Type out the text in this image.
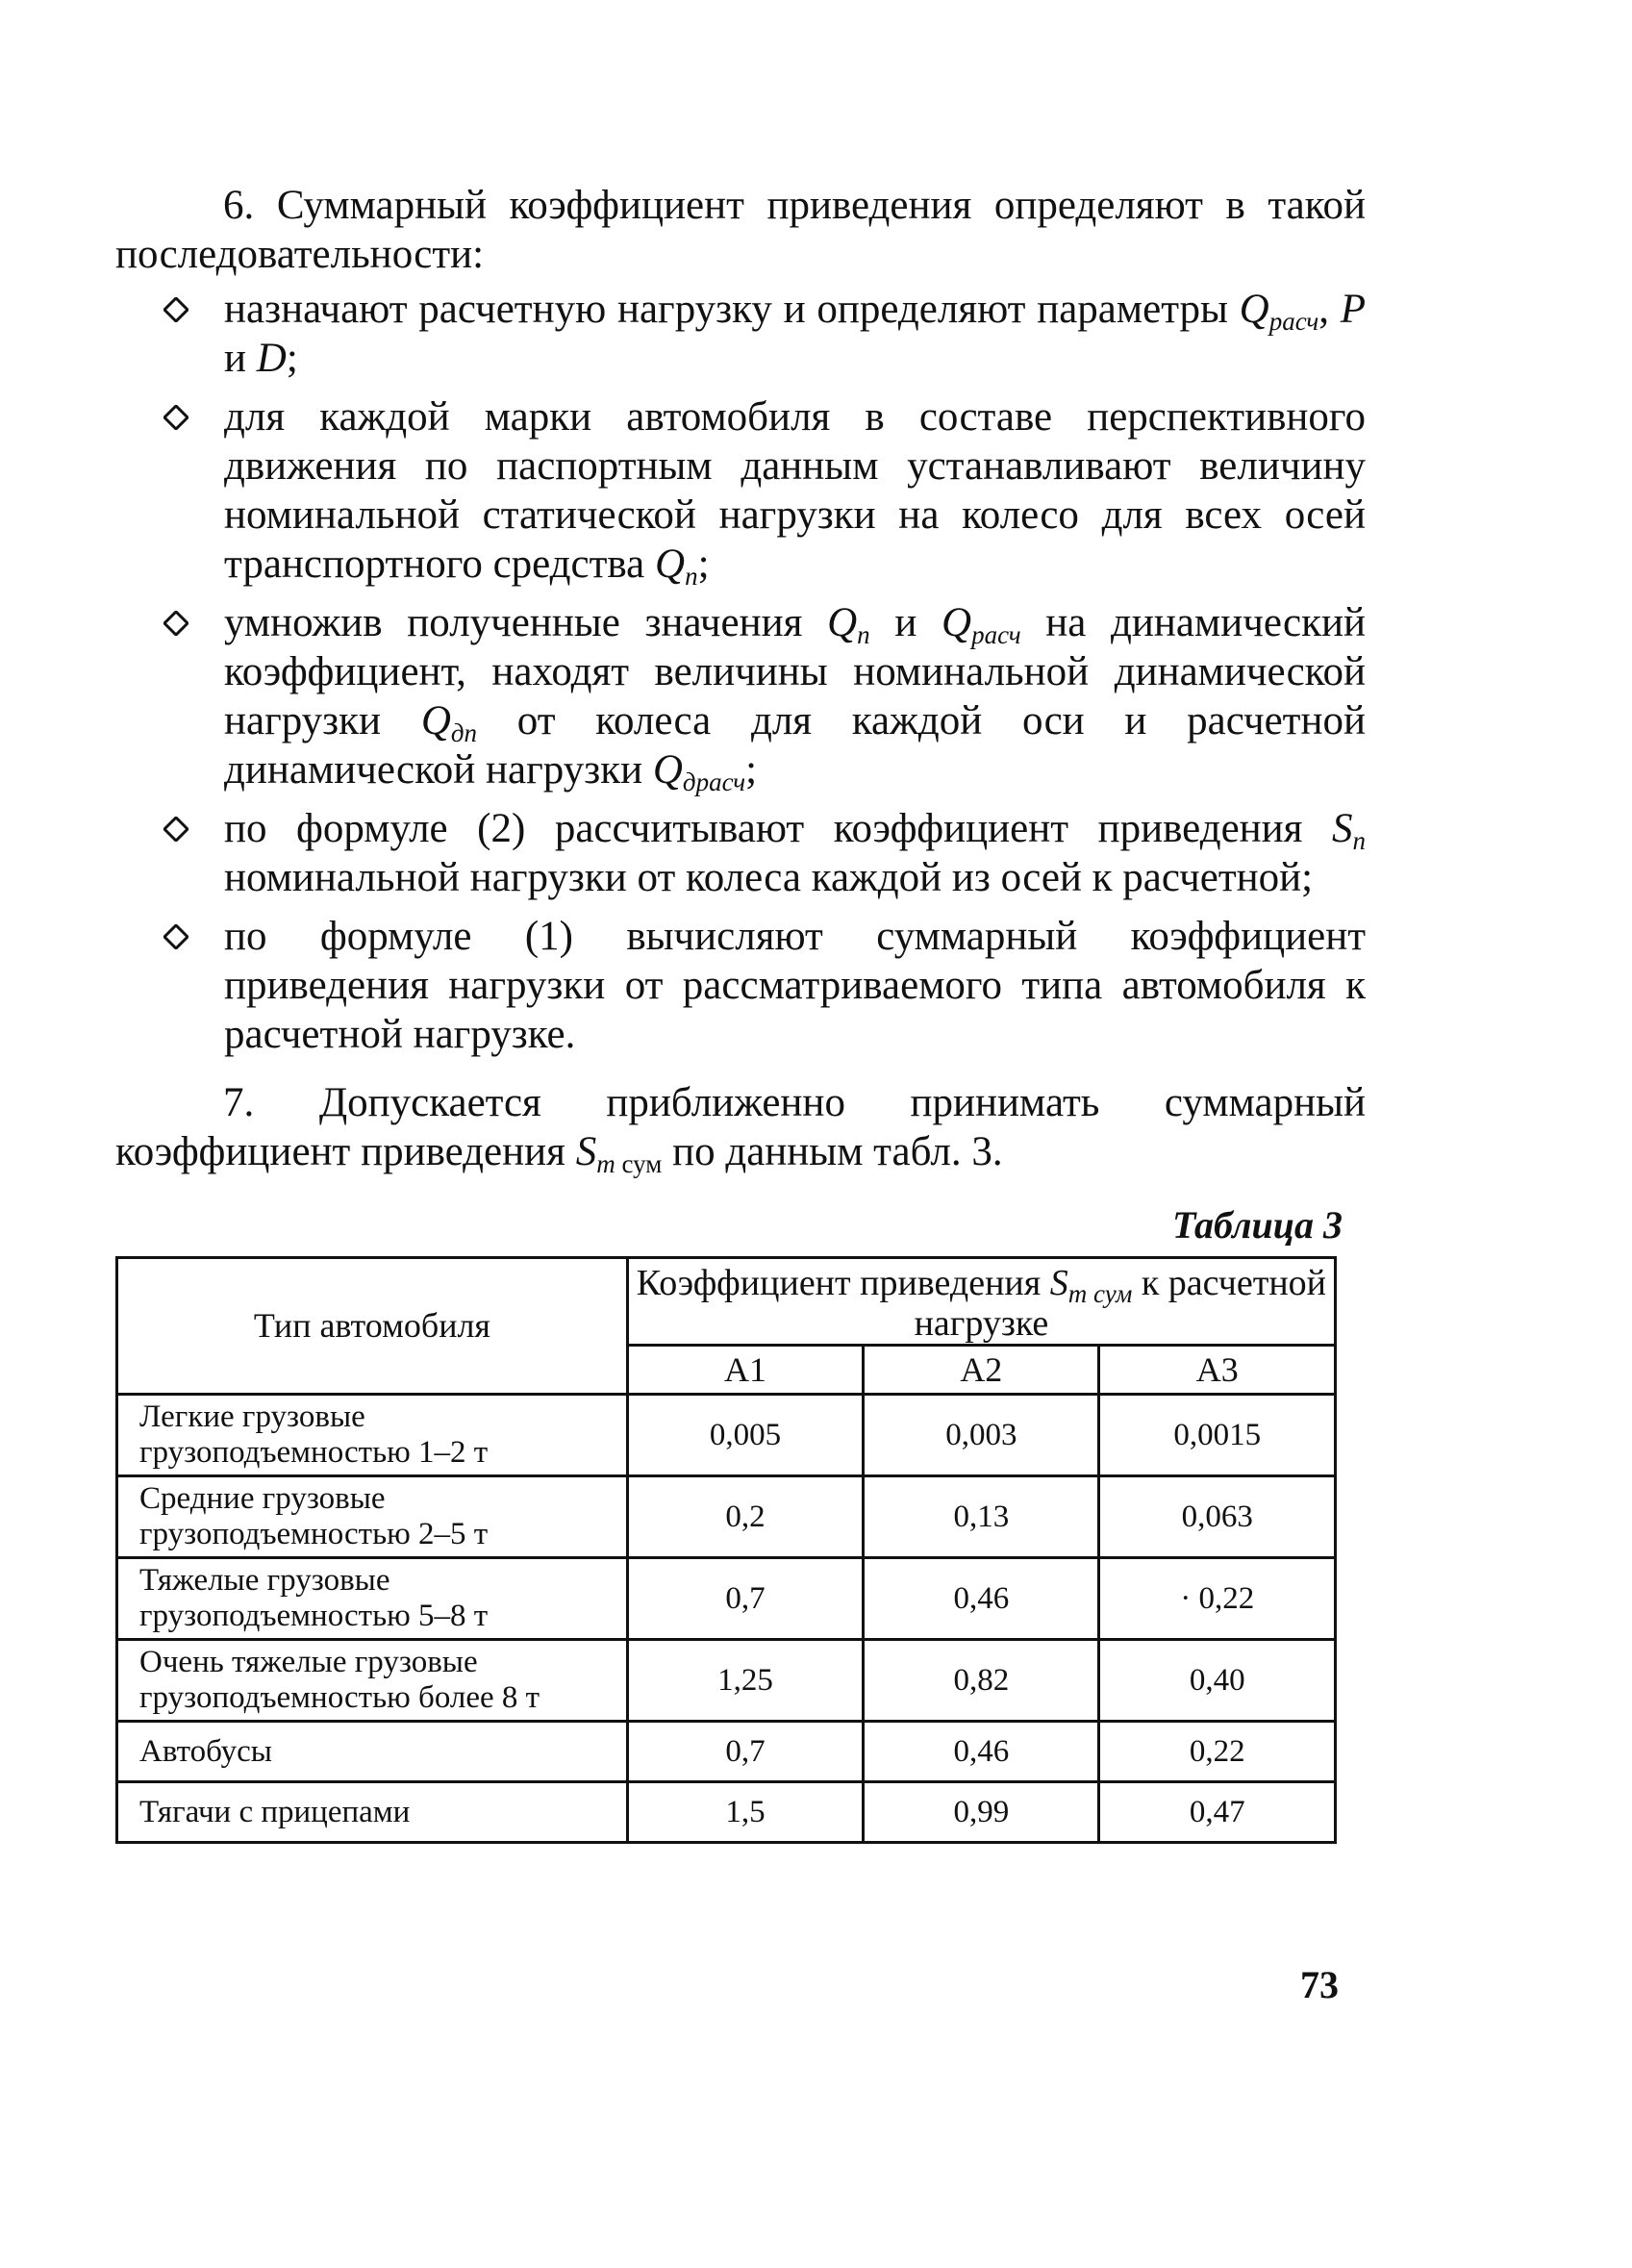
6. Суммарный коэффициент приведения определяют в такой последовательности:

назначают расчетную нагрузку и определяют параметры $Q_{расч}$, P и D;
для каждой марки автомобиля в составе перспективного движения по паспортным данным устанавливают величину номинальной статической нагрузки на колесо для всех осей транспортного средства $Q_n$;
умножив полученные значения $Q_n$ и $Q_{расч}$ на динамический коэффициент, находят величины номинальной динамической нагрузки $Q_{дn}$ от колеса для каждой оси и расчетной динамической нагрузки $Q_{драсч}$;
по формуле (2) рассчитывают коэффициент приведения $S_n$ номинальной нагрузки от колеса каждой из осей к расчетной;
по формуле (1) вычисляют суммарный коэффициент приведения нагрузки от рассматриваемого типа автомобиля к расчетной нагрузке.

7. Допускается приближенно принимать суммарный коэффициент приведения $S_m$ $_{сум}$ по данным табл. 3.

Таблица 3
Тип автомобиля	Коэффициент приведения $S_{m сум}$ к расчетной нагрузке		
	A1	A2	A3
Легкие грузовые грузоподъемностью 1–2 т	0,005	0,003	0,0015
Средние грузовые грузоподъемностью 2–5 т	0,2	0,13	0,063
Тяжелые грузовые грузоподъемностью 5–8 т	0,7	0,46	· 0,22
Очень тяжелые грузовые грузоподъемностью более 8 т	1,25	0,82	0,40
Автобусы	0,7	0,46	0,22
Тягачи с прицепами	1,5	0,99	0,47
73
